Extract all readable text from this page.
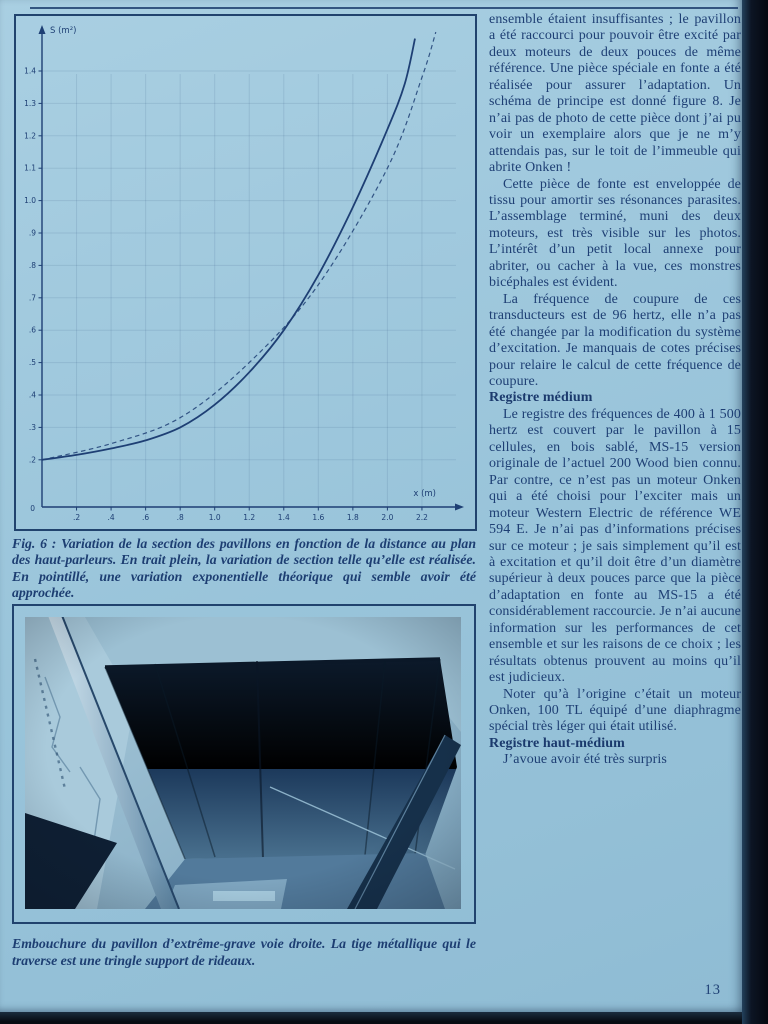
.2	.4	.6	.8	1.0	1.2	1.4	1.6	1.8	2.0	2.2
.2
.3
.4
.5
.6
.7
.8
.9
1.0
1.1
1.2
1.3
1.4
S (m²)
x (m)
0

Fig. 6 : Variation de la section des pavillons en fonction de la distance au plan des haut-parleurs. En trait plein, la variation de section telle qu’elle est réalisée. En pointillé, une variation exponentielle théorique qui semble avoir été approchée.

Embouchure du pavillon d’extrême-grave voie droite. La tige métallique qui le traverse est une tringle support de rideaux.

ensemble étaient insuffisantes ; le pavillon a été raccourci pour pouvoir être excité par deux moteurs de deux pouces de même référence. Une pièce spéciale en fonte a été réalisée pour assurer l’adaptation. Un schéma de principe est donné figure 8. Je n’ai pas de photo de cette pièce dont j’ai pu voir un exemplaire alors que je ne m’y attendais pas, sur le toit de l’immeuble qui abrite Onken !

Cette pièce de fonte est enveloppée de tissu pour amortir ses résonances parasites. L’assemblage terminé, muni des deux moteurs, est très visible sur les photos. L’intérêt d’un petit local annexe pour abriter, ou cacher à la vue, ces monstres bicéphales est évident.

La fréquence de coupure de ces transducteurs est de 96 hertz, elle n’a pas été changée par la modification du système d’excitation. Je manquais de cotes précises pour relaire le calcul de cette fréquence de coupure.

Registre médium

Le registre des fréquences de 400 à 1 500 hertz est couvert par le pavillon à 15 cellules, en bois sablé, MS-15 version originale de l’actuel 200 Wood bien connu. Par contre, ce n’est pas un moteur Onken qui a été choisi pour l’exciter mais un moteur Western Electric de référence WE 594 E. Je n’ai pas d’informations précises sur ce moteur ; je sais simplement qu’il est à excitation et qu’il doit être d’un diamètre supérieur à deux pouces parce que la pièce d’adaptation en fonte au MS-15 a été considérablement raccourcie. Je n’ai aucune information sur les performances de cet ensemble et sur les raisons de ce choix ; les résultats obtenus prouvent au moins qu’il est judicieux.

Noter qu’à l’origine c’était un moteur Onken, 100 TL équipé d’une diaphragme spécial très léger qui était utilisé.

Registre haut-médium

J’avoue avoir été très surpris

13
